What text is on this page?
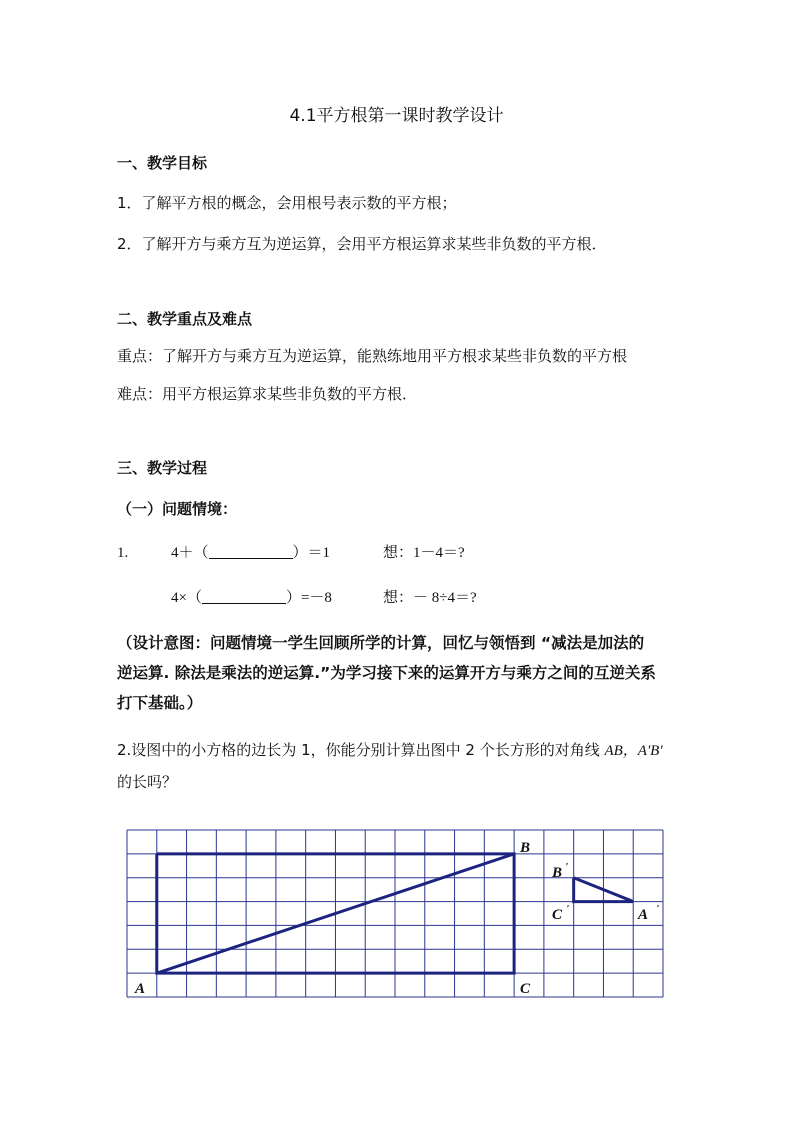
4.1平方根第一课时教学设计
一、教学目标
1．了解平方根的概念，会用根号表示数的平方根；
2．了解开方与乘方互为逆运算，会用平方根运算求某些非负数的平方根．
二、教学重点及难点
重点：了解开方与乘方互为逆运算，能熟练地用平方根求某些非负数的平方根
难点：用平方根运算求某些非负数的平方根．
三、教学过程
（一）问题情境：
1.	4＋（	）＝1	想：1－4＝?
4×（	）=－8	想：－ 8÷4＝?
（设计意图：问题情境一学生回顾所学的计算，回忆与领悟到 “减法是加法的
逆运算. 除法是乘法的逆运算.”为学习接下来的运算开方与乘方之间的互逆关系
打下基础。）
2.设图中的小方格的边长为 1，你能分别计算出图中 2 个长方形的对角线 AB，A'B'
的长吗？
A
B
C
B '
C '	A '
